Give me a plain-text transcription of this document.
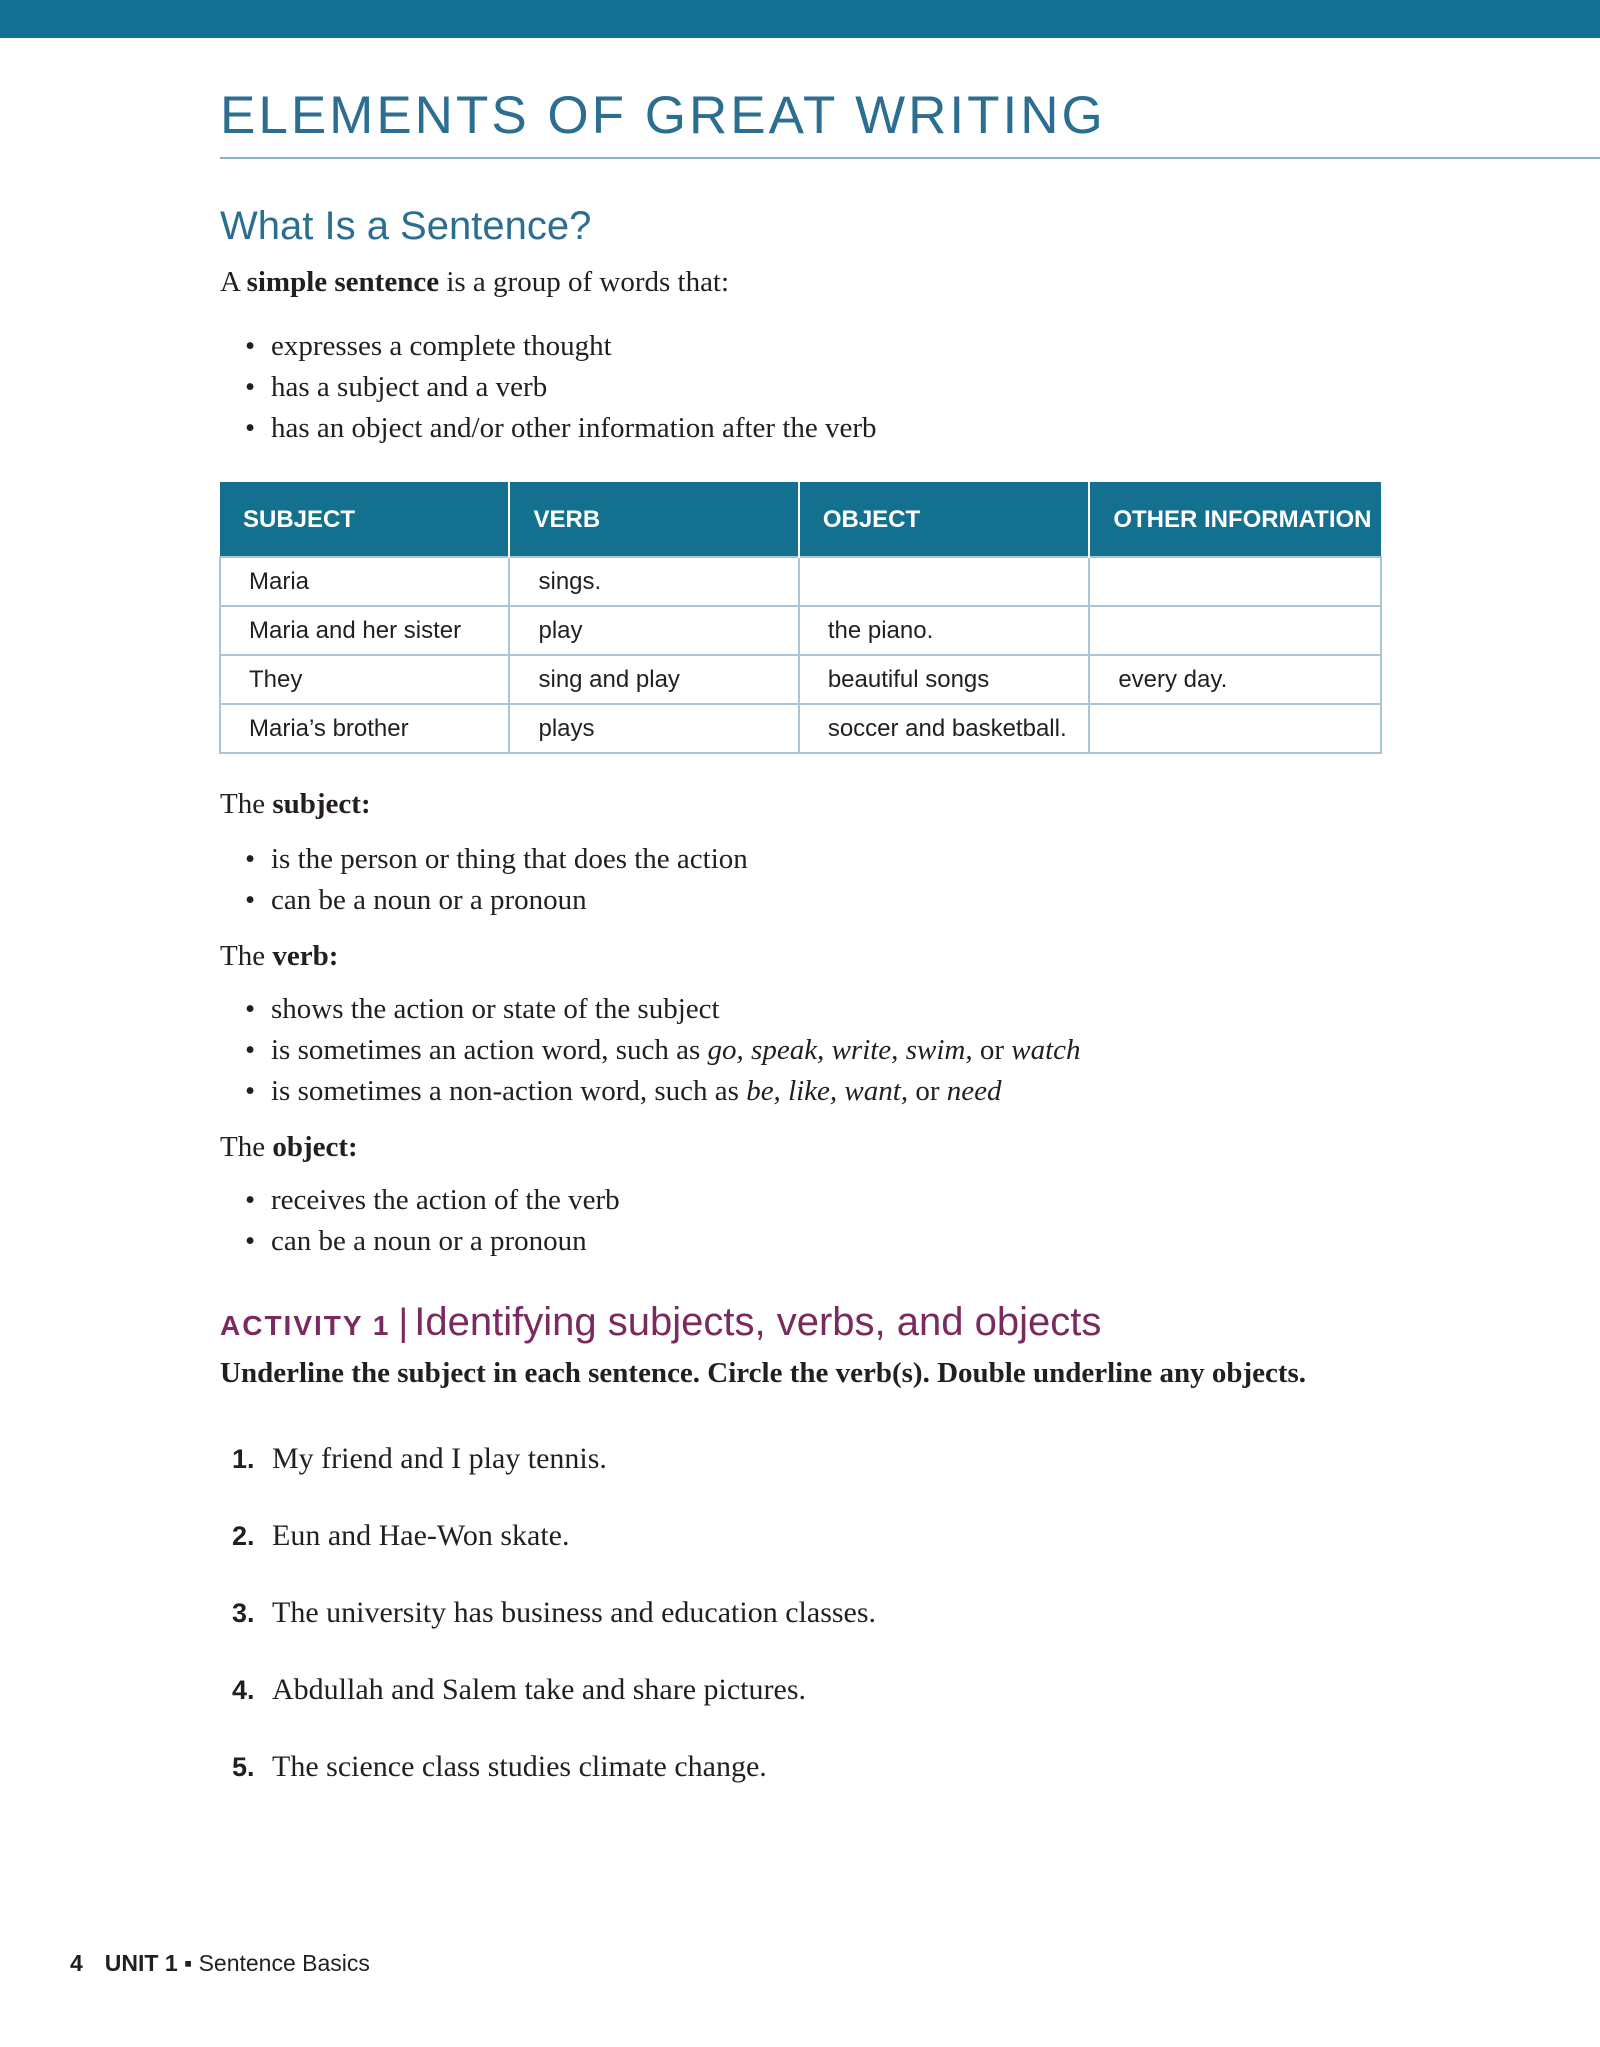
ELEMENTS OF GREAT WRITING
What Is a Sentence?

A simple sentence is a group of words that:

• expresses a complete thought
• has a subject and a verb
• has an object and/or other information after the verb
SUBJECT	VERB	OBJECT	OTHER INFORMATION
Maria	sings.		
Maria and her sister	play	the piano.	
They	sing and play	beautiful songs	every day.
Maria’s brother	plays	soccer and basketball.	

The subject:

• is the person or thing that does the action
• can be a noun or a pronoun

The verb:

• shows the action or state of the subject
• is sometimes an action word, such as go, speak, write, swim, or watch
• is sometimes a non-action word, such as be, like, want, or need

The object:

• receives the action of the verb
• can be a noun or a pronoun
ACTIVITY 1 | Identifying subjects, verbs, and objects

Underline the subject in each sentence. Circle the verb(s). Double underline any objects.

1. My friend and I play tennis.
2. Eun and Hae-Won skate.
3. The university has business and education classes.
4. Abdullah and Salem take and share pictures.
5. The science class studies climate change.

4 UNIT 1 ▪ Sentence Basics
